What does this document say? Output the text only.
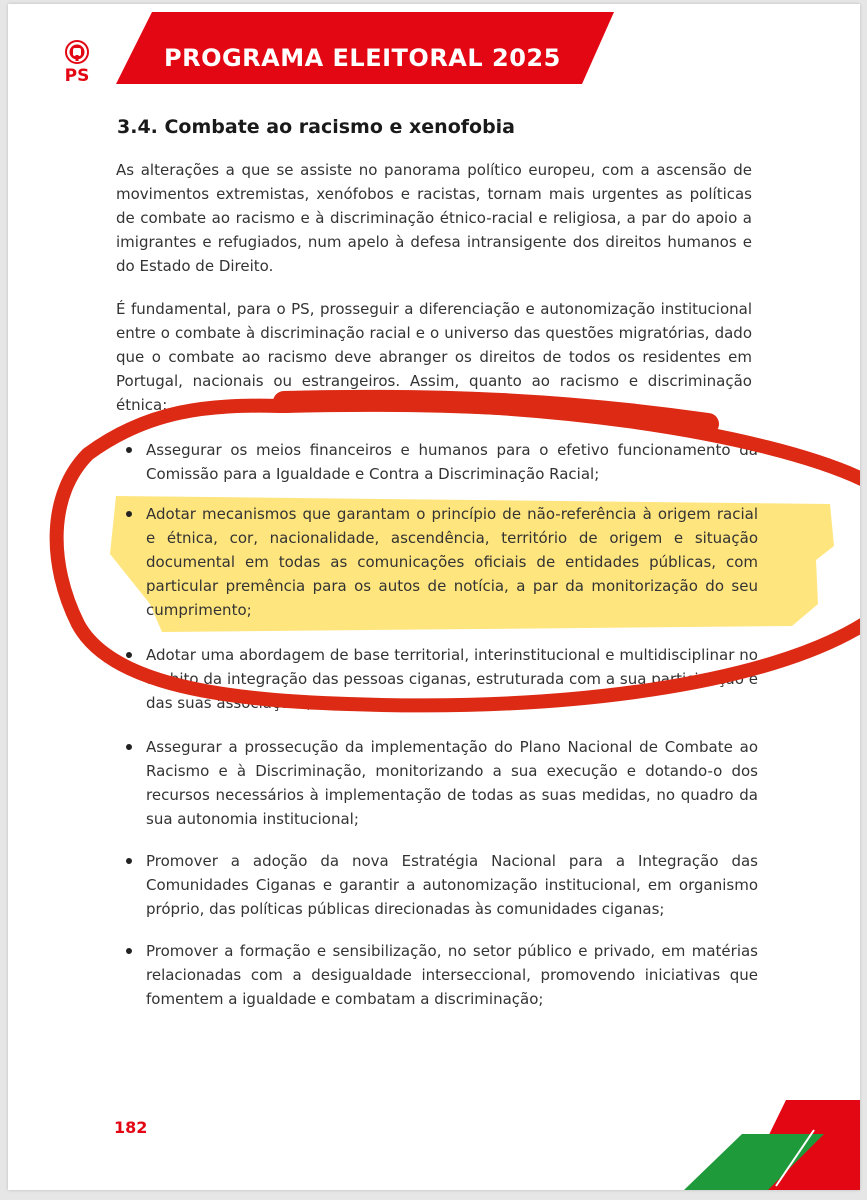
PS
PROGRAMA ELEITORAL 2025
3.4. Combate ao racismo e xenofobia

As alterações a que se assiste no panorama político europeu, com a ascensão de movimentos extremistas, xenófobos e racistas, tornam mais urgentes as políticas de combate ao racismo e à discriminação étnico-racial e religiosa, a par do apoio a imigrantes e refugiados, num apelo à defesa intransigente dos direitos humanos e do Estado de Direito.

É fundamental, para o PS, prosseguir a diferenciação e autonomização institucional entre o combate à discriminação racial e o universo das questões migratórias, dado que o combate ao racismo deve abranger os direitos de todos os residentes em Portugal, nacionais ou estrangeiros. Assim, quanto ao racismo e discriminação étnica:

Assegurar os meios financeiros e humanos para o efetivo funcionamento da Comissão para a Igualdade e Contra a Discriminação Racial;
Adotar mecanismos que garantam o princípio de não-referência à origem racial e étnica, cor, nacionalidade, ascendência, território de origem e situação documental em todas as comunicações oficiais de entidades públicas, com particular premência para os autos de notícia, a par da monitorização do seu cumprimento;
Adotar uma abordagem de base territorial, interinstitucional e multidisciplinar no âmbito da integração das pessoas ciganas, estruturada com a sua participação e das suas associações;
Assegurar a prossecução da implementação do Plano Nacional de Combate ao Racismo e à Discriminação, monitorizando a sua execução e dotando-o dos recursos necessários à implementação de todas as suas medidas, no quadro da sua autonomia institucional;
Promover a adoção da nova Estratégia Nacional para a Integração das Comunidades Ciganas e garantir a autonomização institucional, em organismo próprio, das políticas públicas direcionadas às comunidades ciganas;
Promover a formação e sensibilização, no setor público e privado, em matérias relacionadas com a desigualdade interseccional, promovendo iniciativas que fomentem a igualdade e combatam a discriminação;
182
